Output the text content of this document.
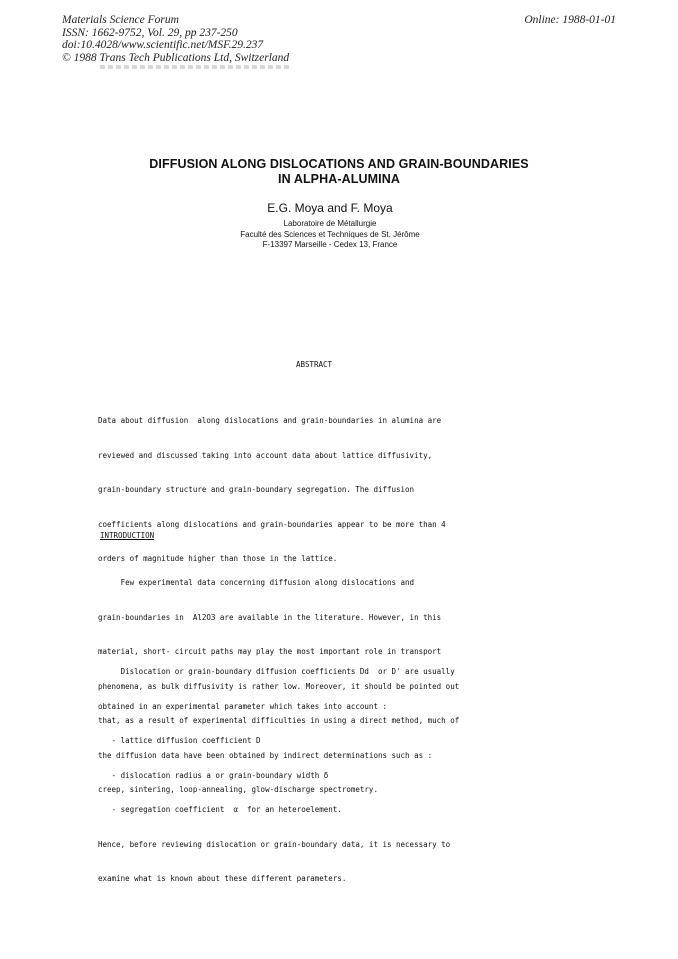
Materials Science Forum
ISSN: 1662-9752, Vol. 29, pp 237-250
doi:10.4028/www.scientific.net/MSF.29.237
© 1988 Trans Tech Publications Ltd, Switzerland
Online: 1988-01-01
DIFFUSION ALONG DISLOCATIONS AND GRAIN-BOUNDARIES
IN ALPHA-ALUMINA
E.G. Moya and F. Moya
Laboratoire de Métallurgie
Faculté des Sciences et Techniques de St. Jérôme
F-13397 Marseille - Cedex 13, France
ABSTRACT

Data about diffusion  along dislocations and grain-boundaries in alumina are

reviewed and discussed taking into account data about lattice diffusivity,

grain-boundary structure and grain-boundary segregation. The diffusion

coefficients along dislocations and grain-boundaries appear to be more than 4

orders of magnitude higher than those in the lattice.

INTRODUCTION

Few experimental data concerning diffusion along dislocations and

grain-boundaries in  Al2O3 are available in the literature. However, in this

material, short- circuit paths may play the most important role in transport

phenomena, as bulk diffusivity is rather low. Moreover, it should be pointed out

that, as a result of experimental difficulties in using a direct method, much of

the diffusion data have been obtained by indirect determinations such as :

creep, sintering, loop-annealing, glow-discharge spectrometry.

Dislocation or grain-boundary diffusion coefficients Dd  or D' are usually

obtained in an experimental parameter which takes into account :

- lattice diffusion coefficient D

- dislocation radius a or grain-boundary width δ

- segregation coefficient  α  for an heteroelement.

Hence, before reviewing dislocation or grain-boundary data, it is necessary to

examine what is known about these different parameters.
